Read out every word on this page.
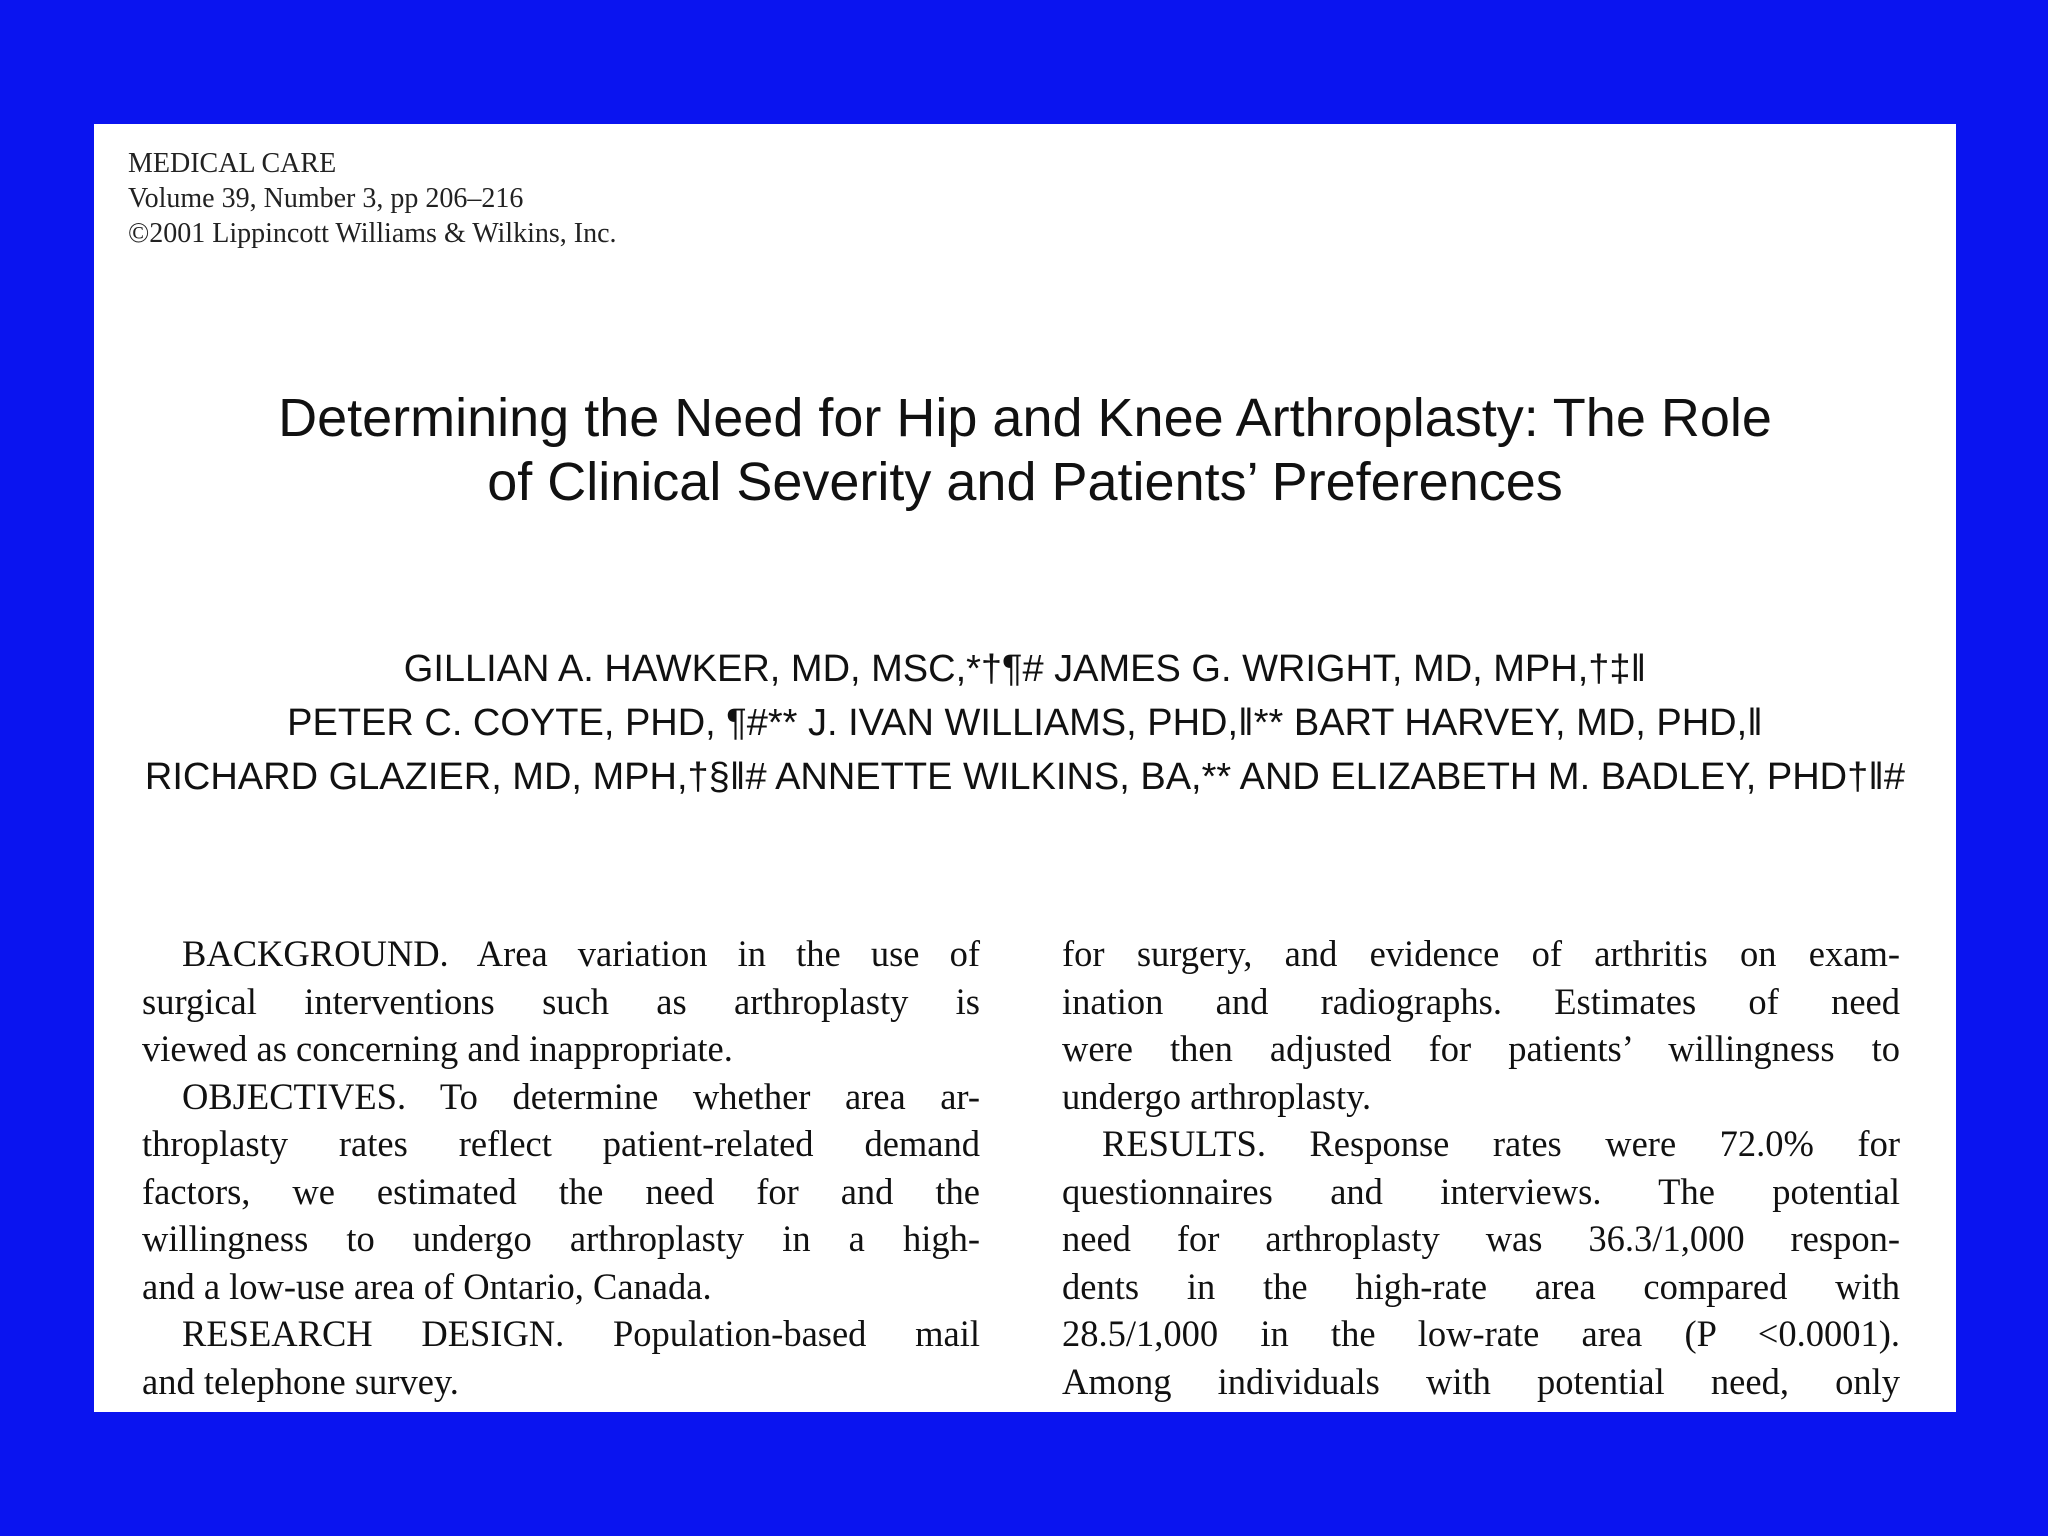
MEDICAL CARE
Volume 39, Number 3, pp 206–216
©2001 Lippincott Williams & Wilkins, Inc.
Determining the Need for Hip and Knee Arthroplasty: The Role
of Clinical Severity and Patients’ Preferences
GILLIAN A. HAWKER, MD, MSC,*†¶# JAMES G. WRIGHT, MD, MPH,†‡‖
PETER C. COYTE, PHD, ¶#** J. IVAN WILLIAMS, PHD,‖** BART HARVEY, MD, PHD,‖
RICHARD GLAZIER, MD, MPH,†§‖# ANNETTE WILKINS, BA,** AND ELIZABETH M. BADLEY, PHD†‖#
BACKGROUND. Area variation in the use of
surgical interventions such as arthroplasty is
viewed as concerning and inappropriate.
OBJECTIVES. To determine whether area ar-
throplasty rates reflect patient-related demand
factors, we estimated the need for and the
willingness to undergo arthroplasty in a high-
and a low-use area of Ontario, Canada.
RESEARCH DESIGN. Population-based mail
and telephone survey.
for surgery, and evidence of arthritis on exam-
ination and radiographs. Estimates of need
were then adjusted for patients’ willingness to
undergo arthroplasty.
RESULTS. Response rates were 72.0% for
questionnaires and interviews. The potential
need for arthroplasty was 36.3/1,000 respon-
dents in the high-rate area compared with
28.5/1,000 in the low-rate area (P <0.0001).
Among individuals with potential need, only
